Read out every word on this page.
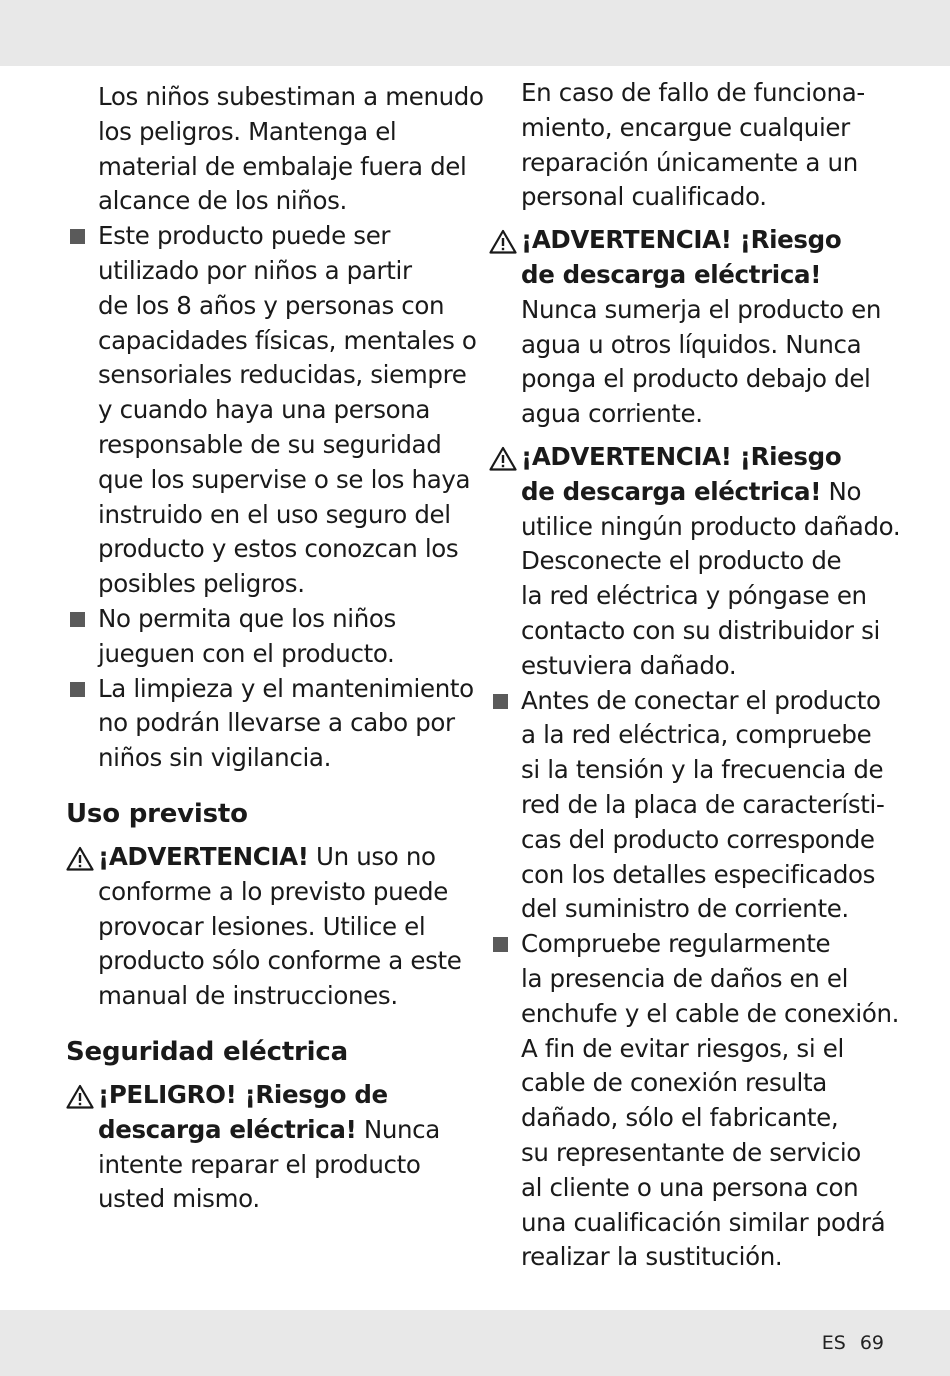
Los niños subestiman a menudo

los peligros. Mantenga el

material de embalaje fuera del

alcance de los niños.

Este producto puede ser

utilizado por niños a partir

de los 8 años y personas con

capacidades físicas, mentales o

sensoriales reducidas, siempre

y cuando haya una persona

responsable de su seguridad

que los supervise o se los haya

instruido en el uso seguro del

producto y estos conozcan los

posibles peligros.

No permita que los niños

jueguen con el producto.

La limpieza y el mantenimiento

no podrán llevarse a cabo por

niños sin vigilancia.

Uso previsto

¡ADVERTENCIA! Un uso no

conforme a lo previsto puede

provocar lesiones. Utilice el

producto sólo conforme a este

manual de instrucciones.

Seguridad eléctrica

¡PELIGRO! ¡Riesgo de

descarga eléctrica! Nunca

intente reparar el producto

usted mismo.

En caso de fallo de funciona-

miento, encargue cualquier

reparación únicamente a un

personal cualificado.

¡ADVERTENCIA! ¡Riesgo

de descarga eléctrica!

Nunca sumerja el producto en

agua u otros líquidos. Nunca

ponga el producto debajo del

agua corriente.

¡ADVERTENCIA! ¡Riesgo

de descarga eléctrica! No

utilice ningún producto dañado.

Desconecte el producto de

la red eléctrica y póngase en

contacto con su distribuidor si

estuviera dañado.

Antes de conectar el producto

a la red eléctrica, compruebe

si la tensión y la frecuencia de

red de la placa de característi-

cas del producto corresponde

con los detalles especificados

del suministro de corriente.

Compruebe regularmente

la presencia de daños en el

enchufe y el cable de conexión.

A fin de evitar riesgos, si el

cable de conexión resulta

dañado, sólo el fabricante,

su representante de servicio

al cliente o una persona con

una cualificación similar podrá

realizar la sustitución.

ES 69
